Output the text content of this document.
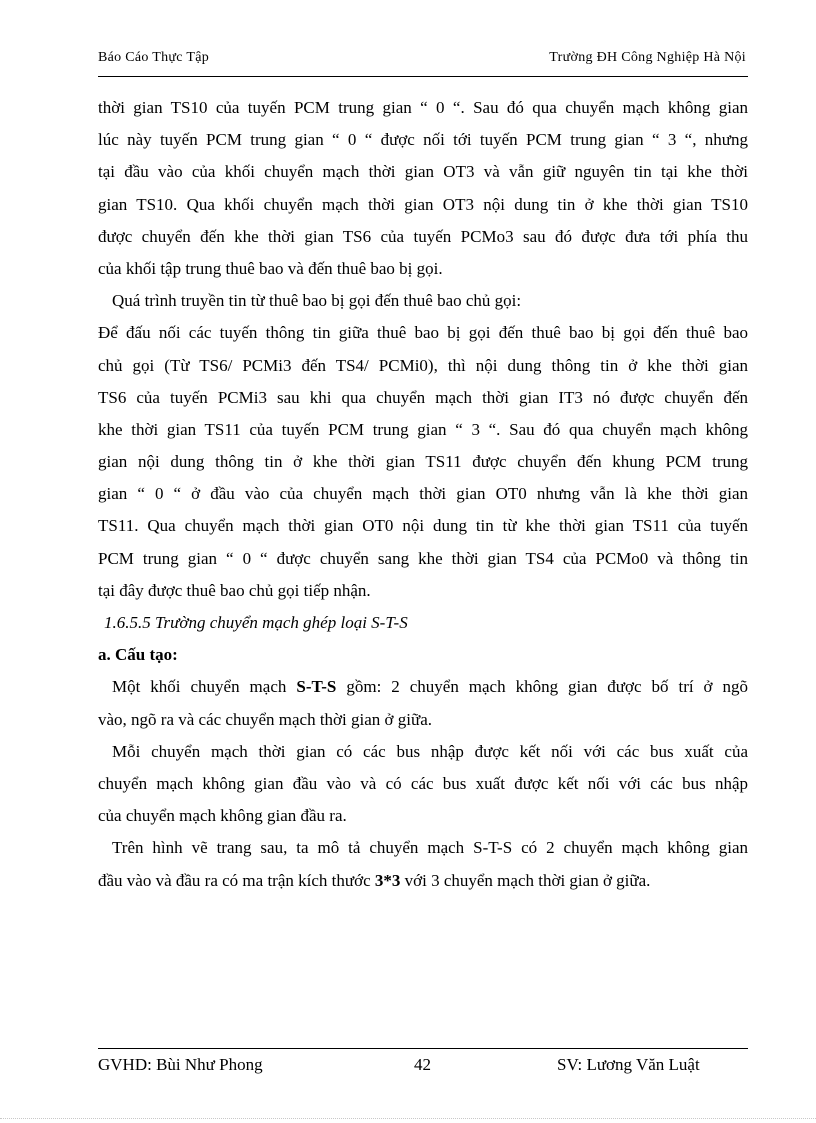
Báo Cáo Thực Tập	Trường ĐH Công Nghiệp Hà Nội
thời gian TS10 của tuyến PCM trung gian “ 0 “. Sau đó qua chuyển mạch không gian
lúc này tuyến PCM trung gian “ 0 “ được nối tới tuyến PCM trung gian “ 3 “, nhưng
tại đầu vào của khối chuyển mạch thời gian OT3 và vẫn giữ nguyên tin tại khe thời
gian TS10. Qua khối chuyển mạch thời gian OT3 nội dung tin ở khe thời gian TS10
được chuyển đến khe thời gian TS6 của tuyến PCMo3 sau đó được đưa tới phía thu
của khối tập trung thuê bao và đến thuê bao bị gọi.
Quá trình truyền tin từ thuê bao bị gọi đến thuê bao chủ gọi:
Để đấu nối các tuyến thông tin giữa thuê bao bị gọi đến thuê bao bị gọi đến thuê bao
chủ gọi (Từ TS6/ PCMi3 đến TS4/ PCMi0), thì nội dung thông tin ở khe thời gian
TS6 của tuyến PCMi3 sau khi qua chuyển mạch thời gian IT3 nó được chuyển đến
khe thời gian TS11 của tuyến PCM trung gian “ 3 “. Sau đó qua chuyển mạch không
gian nội dung thông tin ở khe thời gian TS11 được chuyển đến khung PCM trung
gian “ 0 “ ở đầu vào của chuyển mạch thời gian OT0 nhưng vẫn là khe thời gian
TS11. Qua chuyển mạch thời gian OT0 nội dung tin từ khe thời gian TS11 của tuyến
PCM trung gian “ 0 “ được chuyển sang khe thời gian TS4 của PCMo0 và thông tin
tại đây được thuê bao chủ gọi tiếp nhận.
1.6.5.5 Trường chuyển mạch ghép loại S-T-S
a. Cấu tạo:
Một khối chuyển mạch S-T-S gồm: 2 chuyển mạch không gian được bố trí ở ngõ
vào, ngõ ra và các chuyển mạch thời gian ở giữa.
Mỗi chuyển mạch thời gian có các bus nhập được kết nối với các bus xuất của
chuyển mạch không gian đầu vào và có các bus xuất được kết nối với các bus nhập
của chuyển mạch không gian đầu ra.
Trên hình vẽ trang sau, ta mô tả chuyển mạch S-T-S có 2 chuyển mạch không gian
đầu vào và đầu ra có ma trận kích thước 3*3 với 3 chuyển mạch thời gian ở giữa.
GVHD: Bùi Như Phong	42	SV: Lương Văn Luật
